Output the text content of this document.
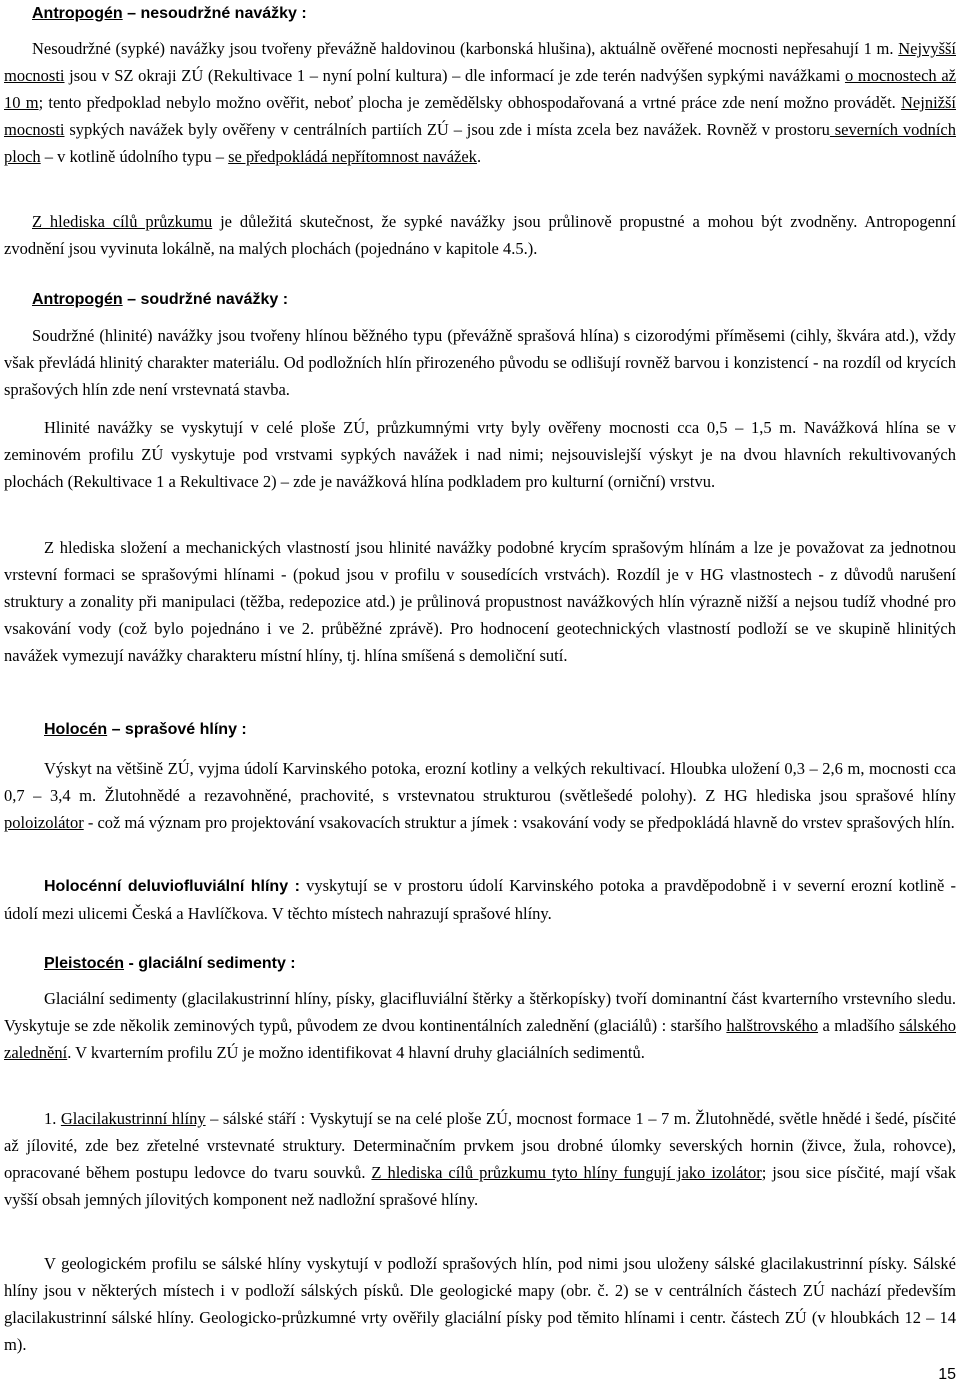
Antropogén – nesoudržné navážky :

Nesoudržné (sypké) navážky jsou tvořeny převážně haldovinou (karbonská hlušina), aktuálně ověřené mocnosti nepřesahují 1 m. Nejvyšší mocnosti jsou v SZ okraji ZÚ (Rekultivace 1 – nyní polní kultura) – dle informací je zde terén nadvýšen sypkými navážkami o mocnostech až 10 m; tento předpoklad nebylo možno ověřit, neboť plocha je zemědělsky obhospodařovaná a vrtné práce zde není možno provádět. Nejnižší mocnosti sypkých navážek byly ověřeny v centrálních partiích ZÚ – jsou zde i místa zcela bez navážek. Rovněž v prostoru severních vodních ploch – v kotlině údolního typu – se předpokládá nepřítomnost navážek.

Z hlediska cílů průzkumu je důležitá skutečnost, že sypké navážky jsou průlinově propustné a mohou být zvodněny. Antropogenní zvodnění jsou vyvinuta lokálně, na malých plochách (pojednáno v kapitole 4.5.).

Antropogén – soudržné navážky :

Soudržné (hlinité) navážky jsou tvořeny hlínou běžného typu (převážně sprašová hlína) s cizorodými příměsemi (cihly, škvára atd.), vždy však převládá hlinitý charakter materiálu. Od podložních hlín přirozeného původu se odlišují rovněž barvou i konzistencí - na rozdíl od krycích sprašových hlín zde není vrstevnatá stavba.

Hlinité navážky se vyskytují v celé ploše ZÚ, průzkumnými vrty byly ověřeny mocnosti cca 0,5 – 1,5 m. Navážková hlína se v zeminovém profilu ZÚ vyskytuje pod vrstvami sypkých navážek i nad nimi; nejsouvislejší výskyt je na dvou hlavních rekultivovaných plochách (Rekultivace 1 a Rekultivace 2) – zde je navážková hlína podkladem pro kulturní (orniční) vrstvu.

Z hlediska složení a mechanických vlastností jsou hlinité navážky podobné krycím sprašovým hlínám a lze je považovat za jednotnou vrstevní formaci se sprašovými hlínami - (pokud jsou v profilu v sousedících vrstvách). Rozdíl je v HG vlastnostech - z důvodů narušení struktury a zonality při manipulaci (těžba, redepozice atd.) je průlinová propustnost navážkových hlín výrazně nižší a nejsou tudíž vhodné pro vsakování vody (což bylo pojednáno i ve 2. průběžné zprávě). Pro hodnocení geotechnických vlastností podloží se ve skupině hlinitých navážek vymezují navážky charakteru místní hlíny, tj. hlína smíšená s demoliční sutí.

Holocén – sprašové hlíny :

Výskyt na většině ZÚ, vyjma údolí Karvinského potoka, erozní kotliny a velkých rekultivací. Hloubka uložení 0,3 – 2,6 m, mocnosti cca 0,7 – 3,4 m. Žlutohnědé a rezavohněné, prachovité, s vrstevnatou strukturou (světlešedé polohy). Z HG hlediska jsou sprašové hlíny poloizolátor - což má význam pro projektování vsakovacích struktur a jímek : vsakování vody se předpokládá hlavně do vrstev sprašových hlín.

Holocénní deluviofluviální hlíny : vyskytují se v prostoru údolí Karvinského potoka a pravděpodobně i v severní erozní kotlině - údolí mezi ulicemi Česká a Havlíčkova. V těchto místech nahrazují sprašové hlíny.

Pleistocén - glaciální sedimenty :

Glaciální sedimenty (glacilakustrinní hlíny, písky, glacifluviální štěrky a štěrkopísky) tvoří dominantní část kvarterního vrstevního sledu. Vyskytuje se zde několik zeminových typů, původem ze dvou kontinentálních zalednění (glaciálů) : staršího halštrovského a mladšího sálského zalednění. V kvarterním profilu ZÚ je možno identifikovat 4 hlavní druhy glaciálních sedimentů.

1. Glacilakustrinní hlíny – sálské stáří : Vyskytují se na celé ploše ZÚ, mocnost formace 1 – 7 m. Žlutohnědé, světle hnědé i šedé, písčité až jílovité, zde bez zřetelné vrstevnaté struktury. Determinačním prvkem jsou drobné úlomky severských hornin (živce, žula, rohovce), opracované během postupu ledovce do tvaru souvků. Z hlediska cílů průzkumu tyto hlíny fungují jako izolátor; jsou sice písčité, mají však vyšší obsah jemných jílovitých komponent než nadložní sprašové hlíny.

V geologickém profilu se sálské hlíny vyskytují v podloží sprašových hlín, pod nimi jsou uloženy sálské glacilakustrinní písky. Sálské hlíny jsou v některých místech i v podloží sálských písků. Dle geologické mapy (obr. č. 2) se v centrálních částech ZÚ nachází především glacilakustrinní sálské hlíny. Geologicko-průzkumné vrty ověřily glaciální písky pod těmito hlínami i centr. částech ZÚ (v hloubkách 12 – 14 m).

15
